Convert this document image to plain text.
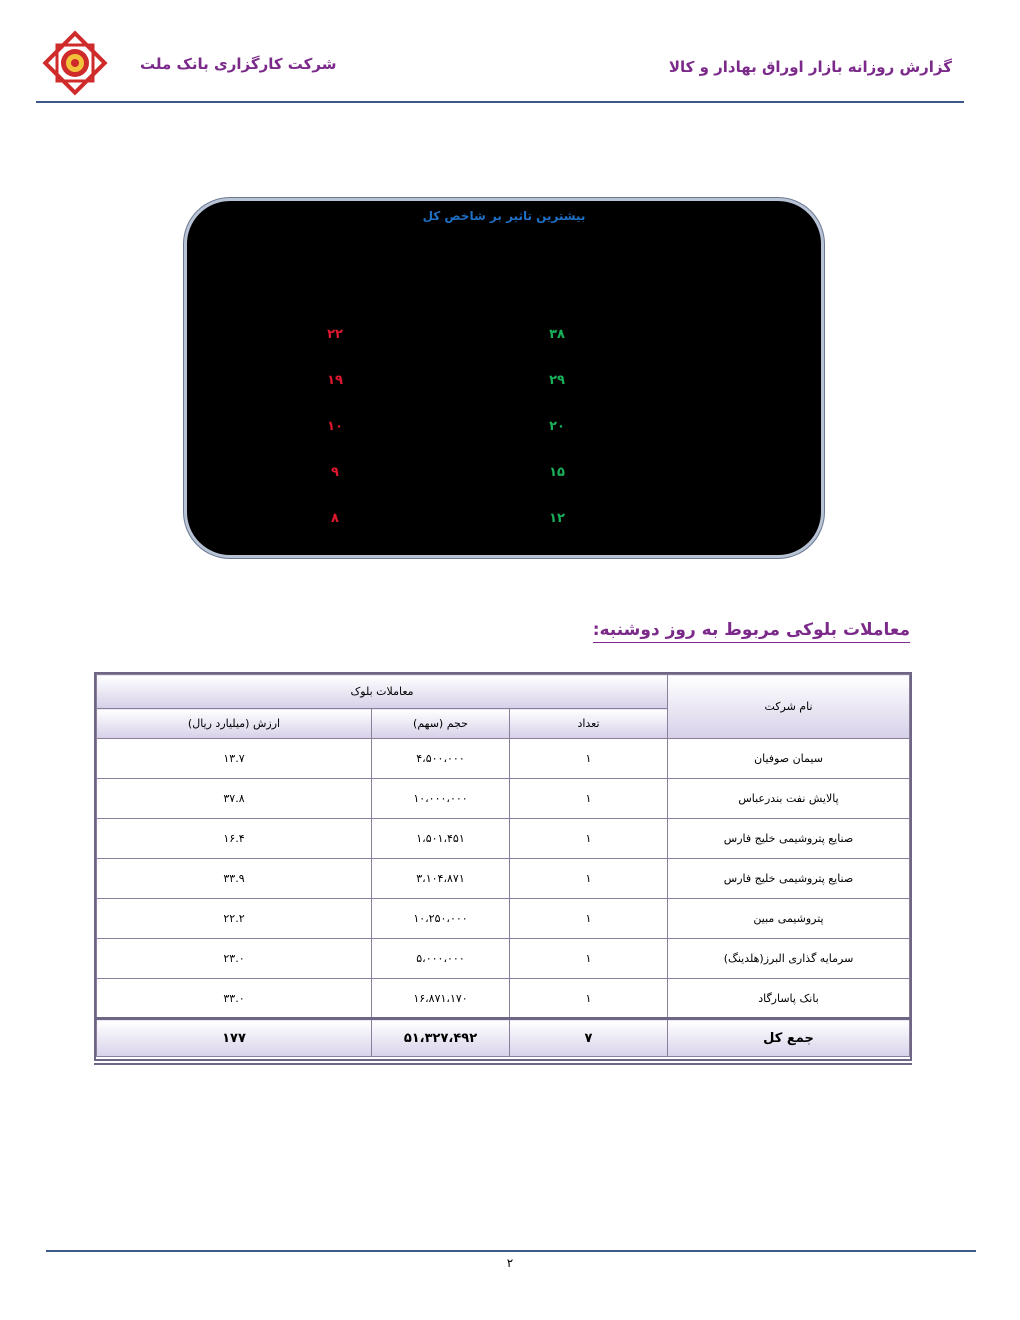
شرکت کارگزاری بانک ملت	گزارش روزانه بازار اوراق بهادار و کالا
بیشترین تاثیر بر شاخص کل
۲۲
۱۹
۱۰
۹
۸
۳۸
۲۹
۲۰
۱۵
۱۲
معاملات بلوکی مربوط به روز دوشنبه:
نام شرکت	معاملات بلوک		
	تعداد	حجم (سهم)	ارزش (میلیارد ریال)
سیمان صوفیان	۱	۴،۵۰۰،۰۰۰	۱۳.۷
پالایش نفت بندرعباس	۱	۱۰،۰۰۰،۰۰۰	۳۷.۸
صنایع پتروشیمی خلیج فارس	۱	۱،۵۰۱،۴۵۱	۱۶.۴
صنایع پتروشیمی خلیج فارس	۱	۳،۱۰۴،۸۷۱	۳۳.۹
پتروشیمی مبین	۱	۱۰،۲۵۰،۰۰۰	۲۲.۲
سرمایه گذاری البرز(هلدینگ)	۱	۵،۰۰۰،۰۰۰	۲۳.۰
بانک پاسارگاد	۱	۱۶،۸۷۱،۱۷۰	۳۳.۰
جمع کل	۷	۵۱،۳۲۷،۴۹۲	۱۷۷
۲
